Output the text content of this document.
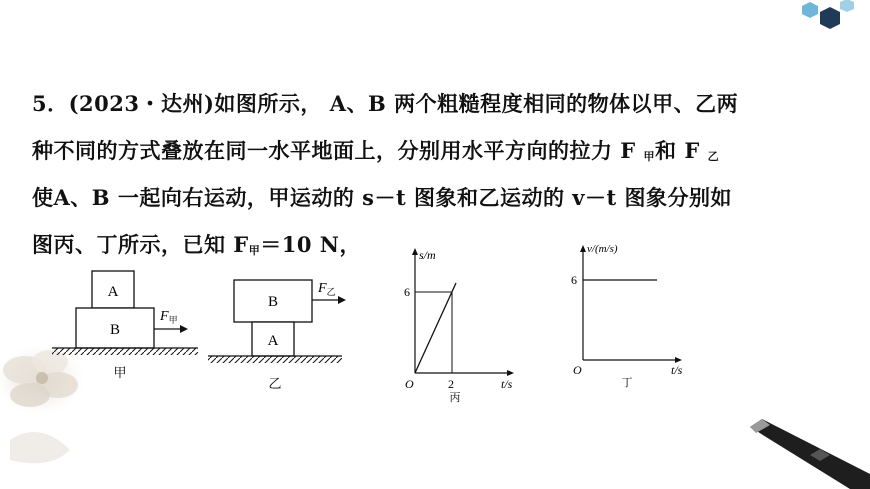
5．(2023・达州)如图所示， A、B 两个粗糙程度相同的物体以甲、乙两
种不同的方式叠放在同一水平地面上，分别用水平方向的拉力 F 甲和 F 乙
使A、B 一起向右运动，甲运动的 s－t 图象和乙运动的 v－t 图象分别如
图丙、丁所示，已知 F甲＝10 N，
A
B
$F_甲$
甲
B
A
$F_乙$
乙
s/m
t/s
O
6
2
丙
v/(m/s)
t/s
O
6
丁
